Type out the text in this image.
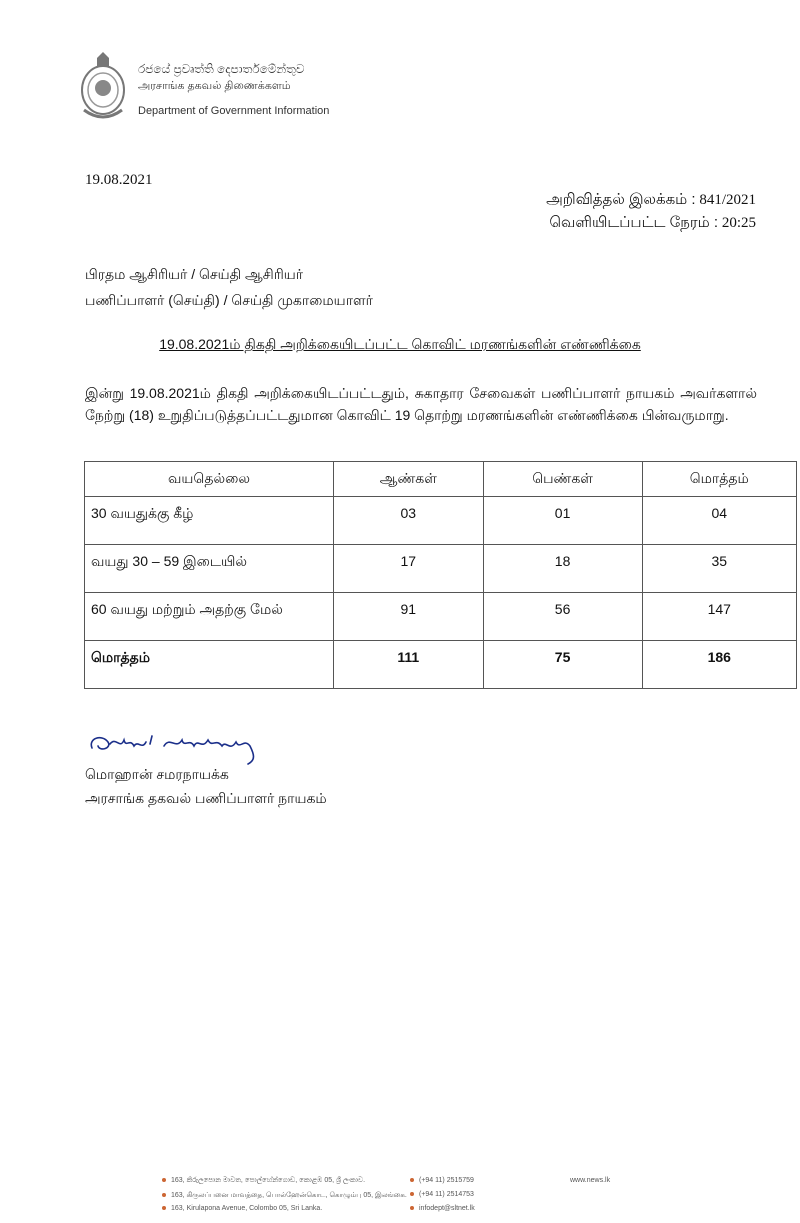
රජයේ ප්‍රවෘත්ති දෙපාර්තමේන්තුව
அரசாங்க தகவல் திணைக்களம்
Department of Government Information
19.08.2021
அறிவித்தல் இலக்கம் : 841/2021
வெளியிடப்பட்ட நேரம் : 20:25
பிரதம ஆசிரியர் / செய்தி ஆசிரியர்
பணிப்பாளர் (செய்தி) / செய்தி முகாமையாளர்
19.08.2021ம் திகதி அறிக்கையிடப்பட்ட கொவிட் மரணங்களின் எண்ணிக்கை
இன்று 19.08.2021ம் திகதி அறிக்கையிடப்பட்டதும், சுகாதார சேவைகள் பணிப்பாளர் நாயகம் அவர்களால் நேற்று (18) உறுதிப்படுத்தப்பட்டதுமான கொவிட் 19 தொற்று மரணங்களின் எண்ணிக்கை பின்வருமாறு.
வயதெல்லை	ஆண்கள்	பெண்கள்	மொத்தம்
30 வயதுக்கு கீழ்	03	01	04
வயது 30 – 59 இடையில்	17	18	35
60 வயது மற்றும் அதற்கு மேல்	91	56	147
மொத்தம்	111	75	186
மொஹான் சமரநாயக்க
அரசாங்க தகவல் பணிப்பாளர் நாயகம்
163, කිරුලපොන මාවත, පොල්හේන්ගොඩ, කොළඹ 05, ශ්‍රී ලංකාව.
163, கிருலப்பனை மாவத்தை, பொல்ஹேன்கொட, கொழும்பு 05, இலங்கை.
163, Kirulapona Avenue, Colombo 05, Sri Lanka.
(+94 11) 2515759
(+94 11) 2514753
infodept@sltnet.lk
www.news.lk
